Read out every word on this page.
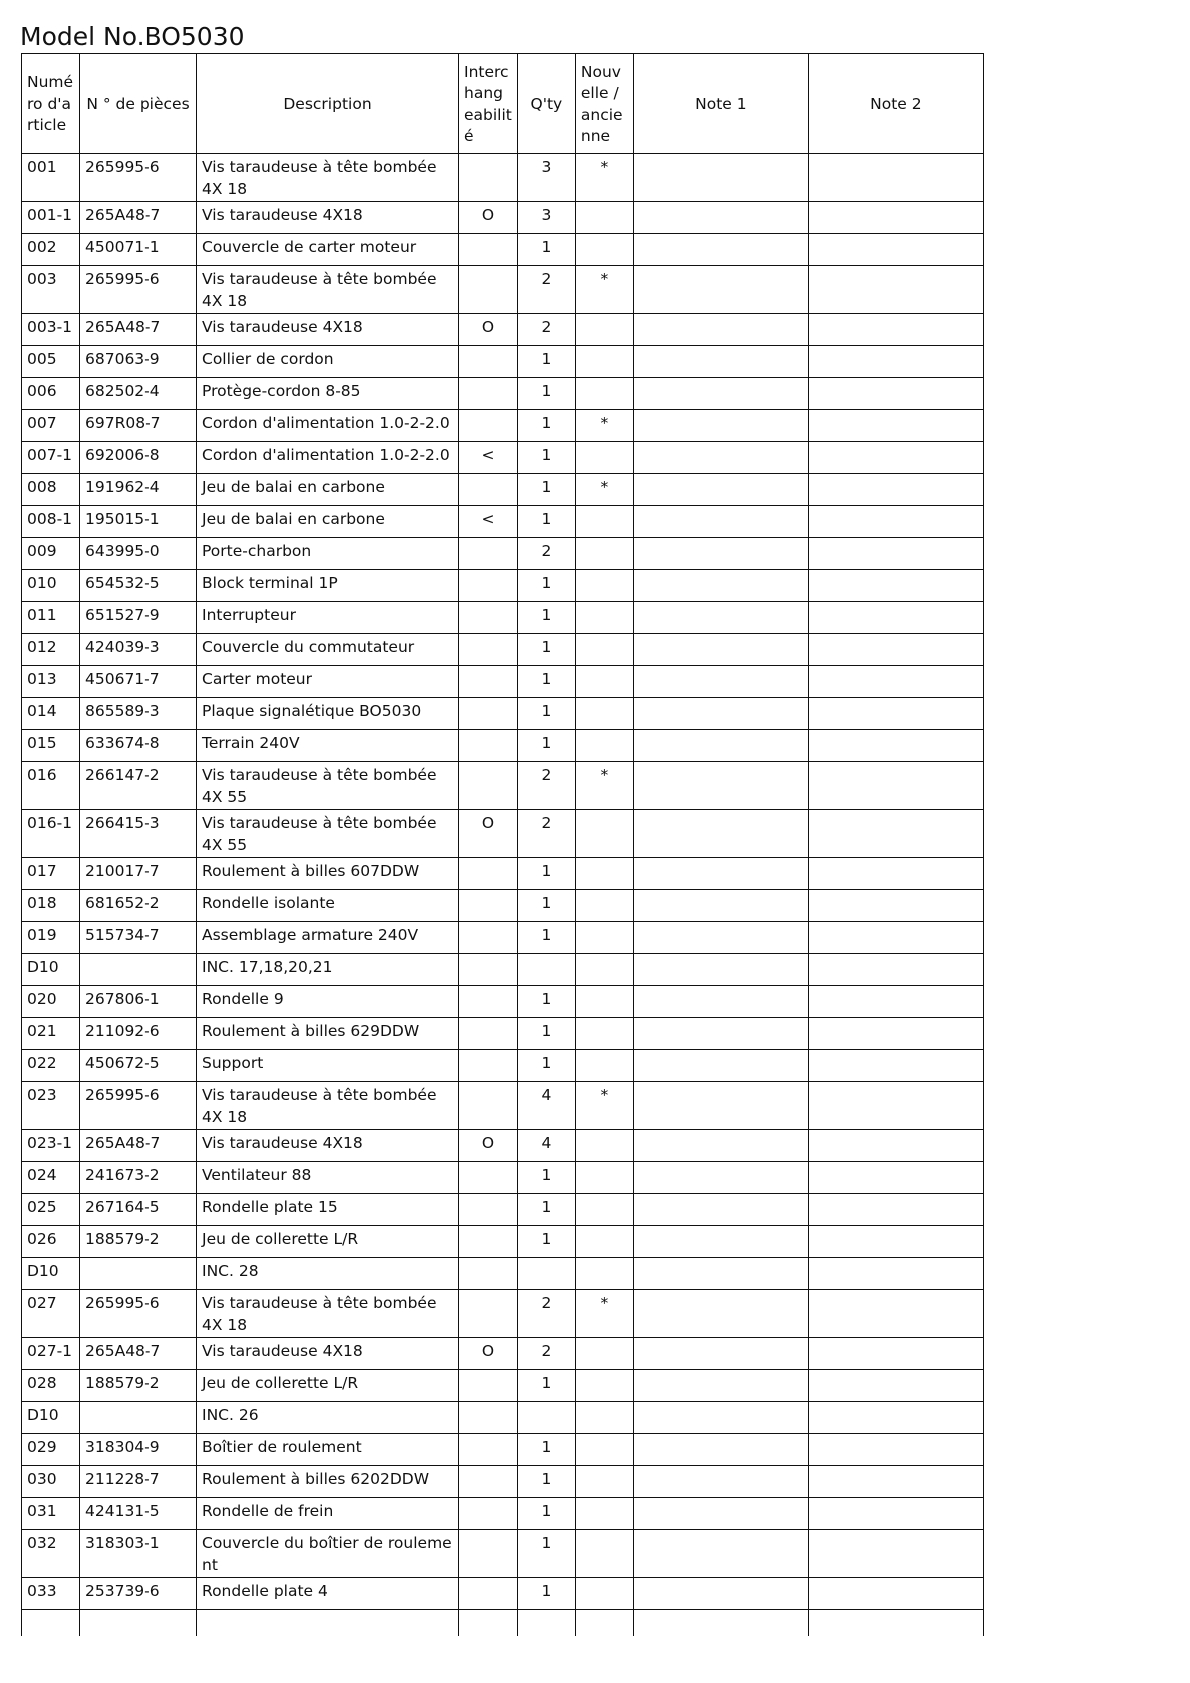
Model No.BO5030
Numé ro d'a rticle	N ° de pièces	Description	Interc hang eabilit é	Q'ty	Nouv elle / ancie nne	Note 1	Note 2
001	265995-6	Vis taraudeuse à tête bombée 4X 18		3	*		
001-1	265A48-7	Vis taraudeuse 4X18	O	3			
002	450071-1	Couvercle de carter moteur		1			
003	265995-6	Vis taraudeuse à tête bombée 4X 18		2	*		
003-1	265A48-7	Vis taraudeuse 4X18	O	2			
005	687063-9	Collier de cordon		1			
006	682502-4	Protège-cordon 8-85		1			
007	697R08-7	Cordon d'alimentation 1.0-2-2.0		1	*		
007-1	692006-8	Cordon d'alimentation 1.0-2-2.0	<	1			
008	191962-4	Jeu de balai en carbone		1	*		
008-1	195015-1	Jeu de balai en carbone	<	1			
009	643995-0	Porte-charbon		2			
010	654532-5	Block terminal 1P		1			
011	651527-9	Interrupteur		1			
012	424039-3	Couvercle du commutateur		1			
013	450671-7	Carter moteur		1			
014	865589-3	Plaque signalétique BO5030		1			
015	633674-8	Terrain 240V		1			
016	266147-2	Vis taraudeuse à tête bombée 4X 55		2	*		
016-1	266415-3	Vis taraudeuse à tête bombée 4X 55	O	2			
017	210017-7	Roulement à billes 607DDW		1			
018	681652-2	Rondelle isolante		1			
019	515734-7	Assemblage armature 240V		1			
D10		INC. 17,18,20,21					
020	267806-1	Rondelle 9		1			
021	211092-6	Roulement à billes 629DDW		1			
022	450672-5	Support		1			
023	265995-6	Vis taraudeuse à tête bombée 4X 18		4	*		
023-1	265A48-7	Vis taraudeuse 4X18	O	4			
024	241673-2	Ventilateur 88		1			
025	267164-5	Rondelle plate 15		1			
026	188579-2	Jeu de collerette L/R		1			
D10		INC. 28					
027	265995-6	Vis taraudeuse à tête bombée 4X 18		2	*		
027-1	265A48-7	Vis taraudeuse 4X18	O	2			
028	188579-2	Jeu de collerette L/R		1			
D10		INC. 26					
029	318304-9	Boîtier de roulement		1			
030	211228-7	Roulement à billes 6202DDW		1			
031	424131-5	Rondelle de frein		1			
032	318303-1	Couvercle du boîtier de rouleme nt		1			
033	253739-6	Rondelle plate 4		1			
